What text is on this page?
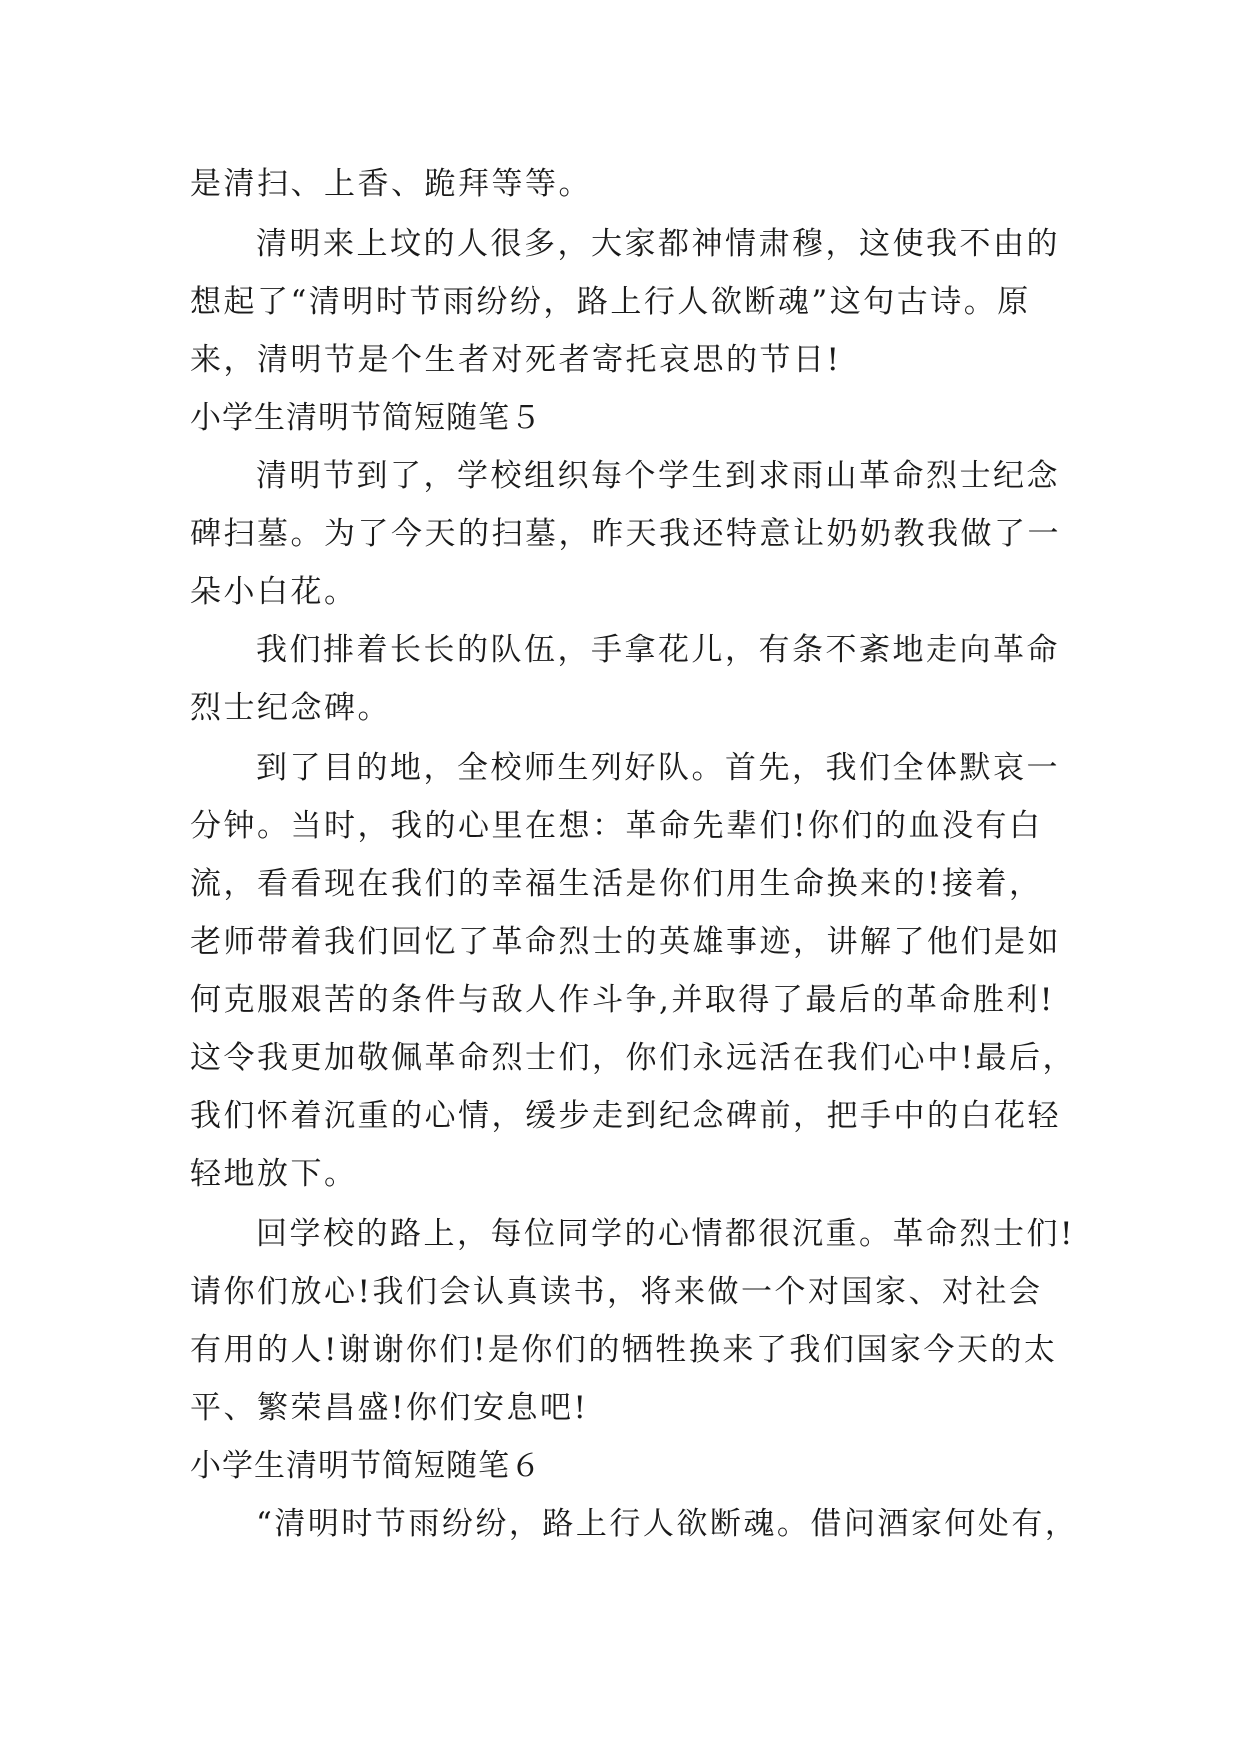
是清扫、上香、跪拜等等。
清明来上坟的人很多，大家都神情肃穆，这使我不由的
想起了“清明时节雨纷纷，路上行人欲断魂”这句古诗。原
来，清明节是个生者对死者寄托哀思的节日!
小学生清明节简短随笔５
清明节到了，学校组织每个学生到求雨山革命烈士纪念
碑扫墓。为了今天的扫墓，昨天我还特意让奶奶教我做了一
朵小白花。
我们排着长长的队伍，手拿花儿，有条不紊地走向革命
烈士纪念碑。
到了目的地，全校师生列好队。首先，我们全体默哀一
分钟。当时，我的心里在想：革命先辈们!你们的血没有白
流，看看现在我们的幸福生活是你们用生命换来的!接着，
老师带着我们回忆了革命烈士的英雄事迹，讲解了他们是如
何克服艰苦的条件与敌人作斗争,并取得了最后的革命胜利!
这令我更加敬佩革命烈士们，你们永远活在我们心中!最后，
我们怀着沉重的心情，缓步走到纪念碑前，把手中的白花轻
轻地放下。
回学校的路上，每位同学的心情都很沉重。革命烈士们!
请你们放心!我们会认真读书，将来做一个对国家、对社会
有用的人!谢谢你们!是你们的牺牲换来了我们国家今天的太
平、繁荣昌盛!你们安息吧!
小学生清明节简短随笔６
“清明时节雨纷纷，路上行人欲断魂。借问酒家何处有，
